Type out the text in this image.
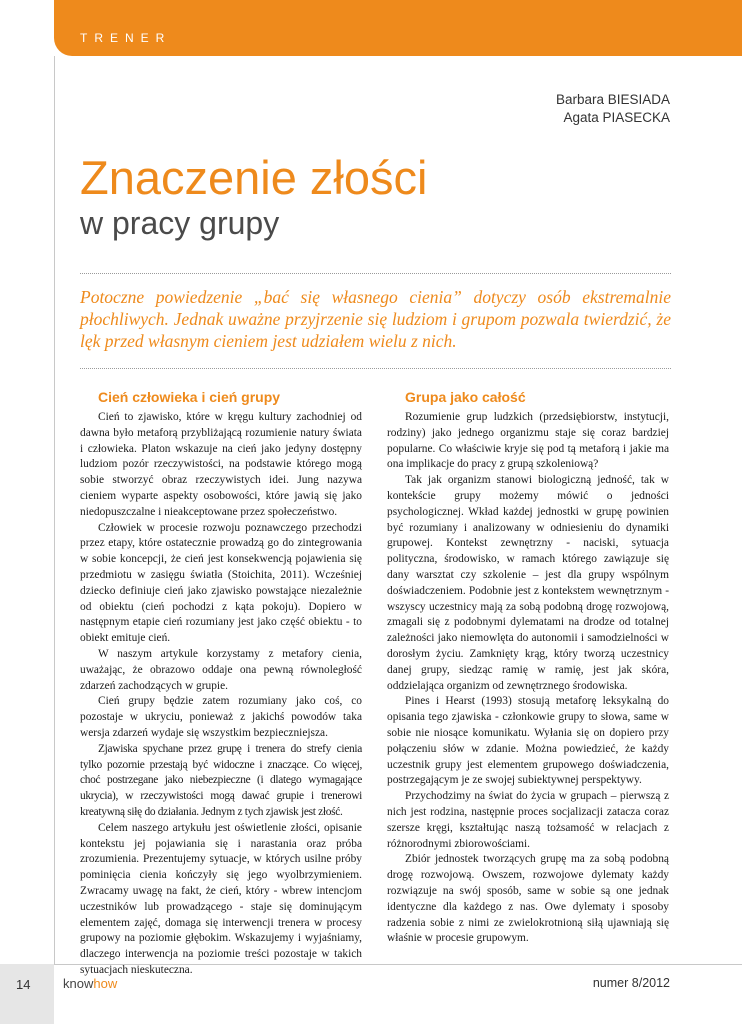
TRENER
Barbara BIESIADA
Agata PIASECKA
Znaczenie złości
w pracy grupy
Potoczne powiedzenie „bać się własnego cienia” dotyczy osób ekstremalnie płochliwych. Jednak uważne przyjrzenie się ludziom i grupom pozwala twierdzić, że lęk przed własnym cieniem jest udziałem wielu z nich.
Cień człowieka i cień grupy

Cień to zjawisko, które w kręgu kultury zachodniej od dawna było metaforą przybliżającą rozumienie natury świata i człowieka. Platon wskazuje na cień jako jedyny dostępny ludziom pozór rzeczywistości, na podstawie którego mogą sobie stworzyć obraz rzeczywistych idei. Jung nazywa cieniem wyparte aspekty osobowości, które jawią się jako niedopuszczalne i nieakceptowane przez społeczeństwo.

Człowiek w procesie rozwoju poznawczego przechodzi przez etapy, które ostatecznie prowadzą go do zintegrowania w sobie koncepcji, że cień jest konsekwencją pojawienia się przedmiotu w zasięgu światła (Stoichita, 2011). Wcześniej dziecko definiuje cień jako zjawisko powstające niezależnie od obiektu (cień pochodzi z kąta pokoju). Dopiero w następnym etapie cień rozumiany jest jako część obiektu - to obiekt emituje cień.

W naszym artykule korzystamy z metafory cienia, uważając, że obrazowo oddaje ona pewną równoległość zdarzeń zachodzących w grupie.

Cień grupy będzie zatem rozumiany jako coś, co pozostaje w ukryciu, ponieważ z jakichś powodów taka wersja zdarzeń wydaje się wszystkim bezpieczniejsza.

Zjawiska spychane przez grupę i trenera do strefy cienia tylko pozornie przestają być widoczne i znaczące. Co więcej, choć postrzegane jako niebezpieczne (i dlatego wymagające ukrycia), w rzeczywistości mogą dawać grupie i trenerowi kreatywną siłę do działania. Jednym z tych zjawisk jest złość.

Celem naszego artykułu jest oświetlenie złości, opisanie kontekstu jej pojawiania się i narastania oraz próba zrozumienia. Prezentujemy sytuacje, w których usilne próby pominięcia cienia kończyły się jego wyolbrzymieniem. Zwracamy uwagę na fakt, że cień, który - wbrew intencjom uczestników lub prowadzącego - staje się dominującym elementem zajęć, domaga się interwencji trenera w procesy grupowy na poziomie głębokim. Wskazujemy i wyjaśniamy, dlaczego interwencja na poziomie treści pozostaje w takich sytuacjach nieskuteczna.

Grupa jako całość

Rozumienie grup ludzkich (przedsiębiorstw, instytucji, rodziny) jako jednego organizmu staje się coraz bardziej popularne. Co właściwie kryje się pod tą metaforą i jakie ma ona implikacje do pracy z grupą szkoleniową?

Tak jak organizm stanowi biologiczną jedność, tak w kontekście grupy możemy mówić o jedności psychologicznej. Wkład każdej jednostki w grupę powinien być rozumiany i analizowany w odniesieniu do dynamiki grupowej. Kontekst zewnętrzny - naciski, sytuacja polityczna, środowisko, w ramach którego zawiązuje się dany warsztat czy szkolenie – jest dla grupy wspólnym doświadczeniem. Podobnie jest z kontekstem wewnętrznym - wszyscy uczestnicy mają za sobą podobną drogę rozwojową, zmagali się z podobnymi dylematami na drodze od totalnej zależności jako niemowlęta do autonomii i samodzielności w dorosłym życiu. Zamknięty krąg, który tworzą uczestnicy danej grupy, siedząc ramię w ramię, jest jak skóra, oddzielająca organizm od zewnętrznego środowiska.

Pines i Hearst (1993) stosują metaforę leksykalną do opisania tego zjawiska - członkowie grupy to słowa, same w sobie nie niosące komunikatu. Wyłania się on dopiero przy połączeniu słów w zdanie. Można powiedzieć, że każdy uczestnik grupy jest elementem grupowego doświadczenia, postrzegającym je ze swojej subiektywnej perspektywy.

Przychodzimy na świat do życia w grupach – pierwszą z nich jest rodzina, następnie proces socjalizacji zatacza coraz szersze kręgi, kształtując naszą tożsamość w relacjach z różnorodnymi zbiorowościami.

Zbiór jednostek tworzących grupę ma za sobą podobną drogę rozwojową. Owszem, rozwojowe dylematy każdy rozwiązuje na swój sposób, same w sobie są one jednak identyczne dla każdego z nas. Owe dylematy i sposoby radzenia sobie z nimi ze zwielokrotnioną siłą ujawniają się właśnie w procesie grupowym.

14	knowhow	numer 8/2012
